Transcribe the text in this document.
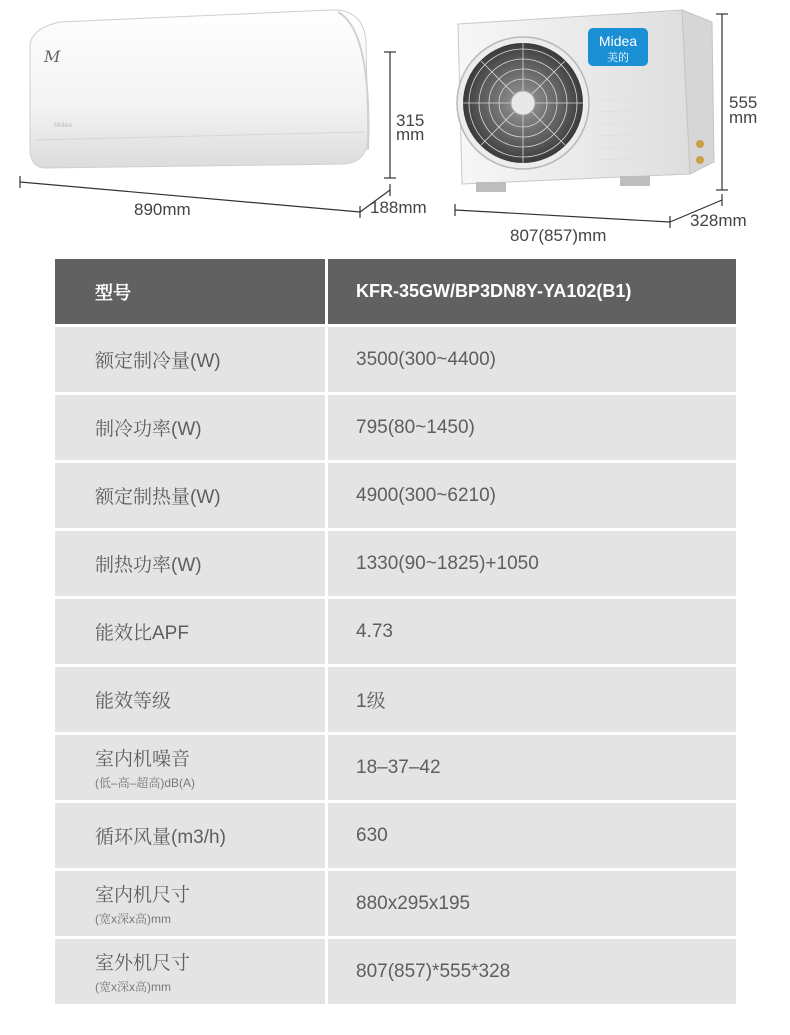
M
Midea
Midea
美的
890mm	188mm
315
mm
807(857)mm
328mm
555
mm
型号	KFR-35GW/BP3DN8Y-YA102(B1)
额定制冷量(W)	3500(300~4400)
制冷功率(W)	795(80~1450)
额定制热量(W)	4900(300~6210)
制热功率(W)	1330(90~1825)+1050
能效比APF	4.73
能效等级	1级
室内机噪音
(低–高–超高)dB(A)	18–37–42
循环风量(m3/h)	630
室内机尺寸
(宽x深x高)mm	880x295x195
室外机尺寸
(宽x深x高)mm	807(857)*555*328
